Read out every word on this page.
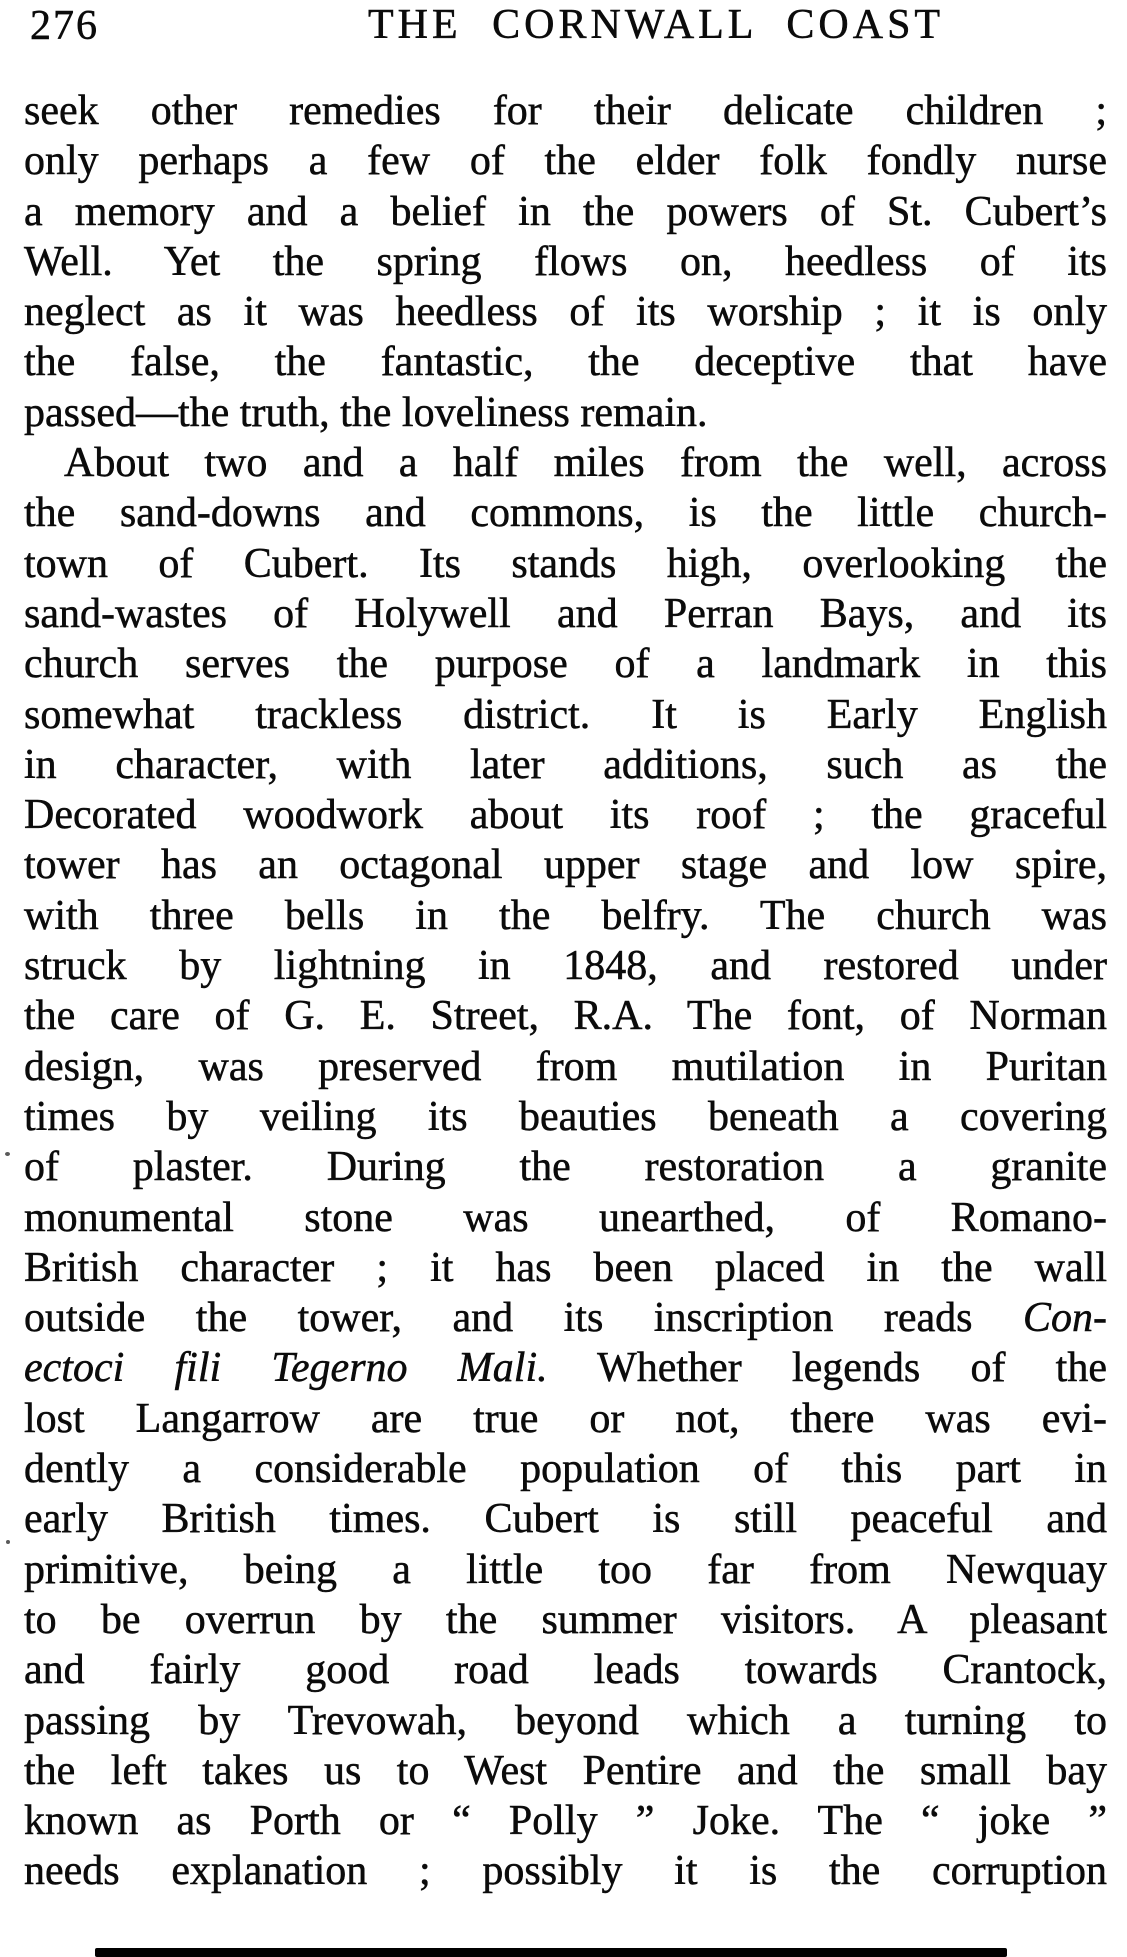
276	THE CORNWALL COAST
seek other remedies for their delicate children ;
only perhaps a few of the elder folk fondly nurse
a memory and a belief in the powers of St. Cubert’s
Well. Yet the spring flows on, heedless of its
neglect as it was heedless of its worship ; it is only
the false, the fantastic, the deceptive that have
passed—the truth, the loveliness remain.
About two and a half miles from the well, across
the sand-downs and commons, is the little church-
town of Cubert. Its stands high, overlooking the
sand-wastes of Holywell and Perran Bays, and its
church serves the purpose of a landmark in this
somewhat trackless district. It is Early English
in character, with later additions, such as the
Decorated woodwork about its roof ; the graceful
tower has an octagonal upper stage and low spire,
with three bells in the belfry. The church was
struck by lightning in 1848, and restored under
the care of G. E. Street, R.A. The font, of Norman
design, was preserved from mutilation in Puritan
times by veiling its beauties beneath a covering
of plaster. During the restoration a granite
monumental stone was unearthed, of Romano-
British character ; it has been placed in the wall
outside the tower, and its inscription reads Con-
ectoci fili Tegerno Mali. Whether legends of the
lost Langarrow are true or not, there was evi-
dently a considerable population of this part in
early British times. Cubert is still peaceful and
primitive, being a little too far from Newquay
to be overrun by the summer visitors. A pleasant
and fairly good road leads towards Crantock,
passing by Trevowah, beyond which a turning to
the left takes us to West Pentire and the small bay
known as Porth or “ Polly ” Joke. The “ joke ”
needs explanation ; possibly it is the corruption
